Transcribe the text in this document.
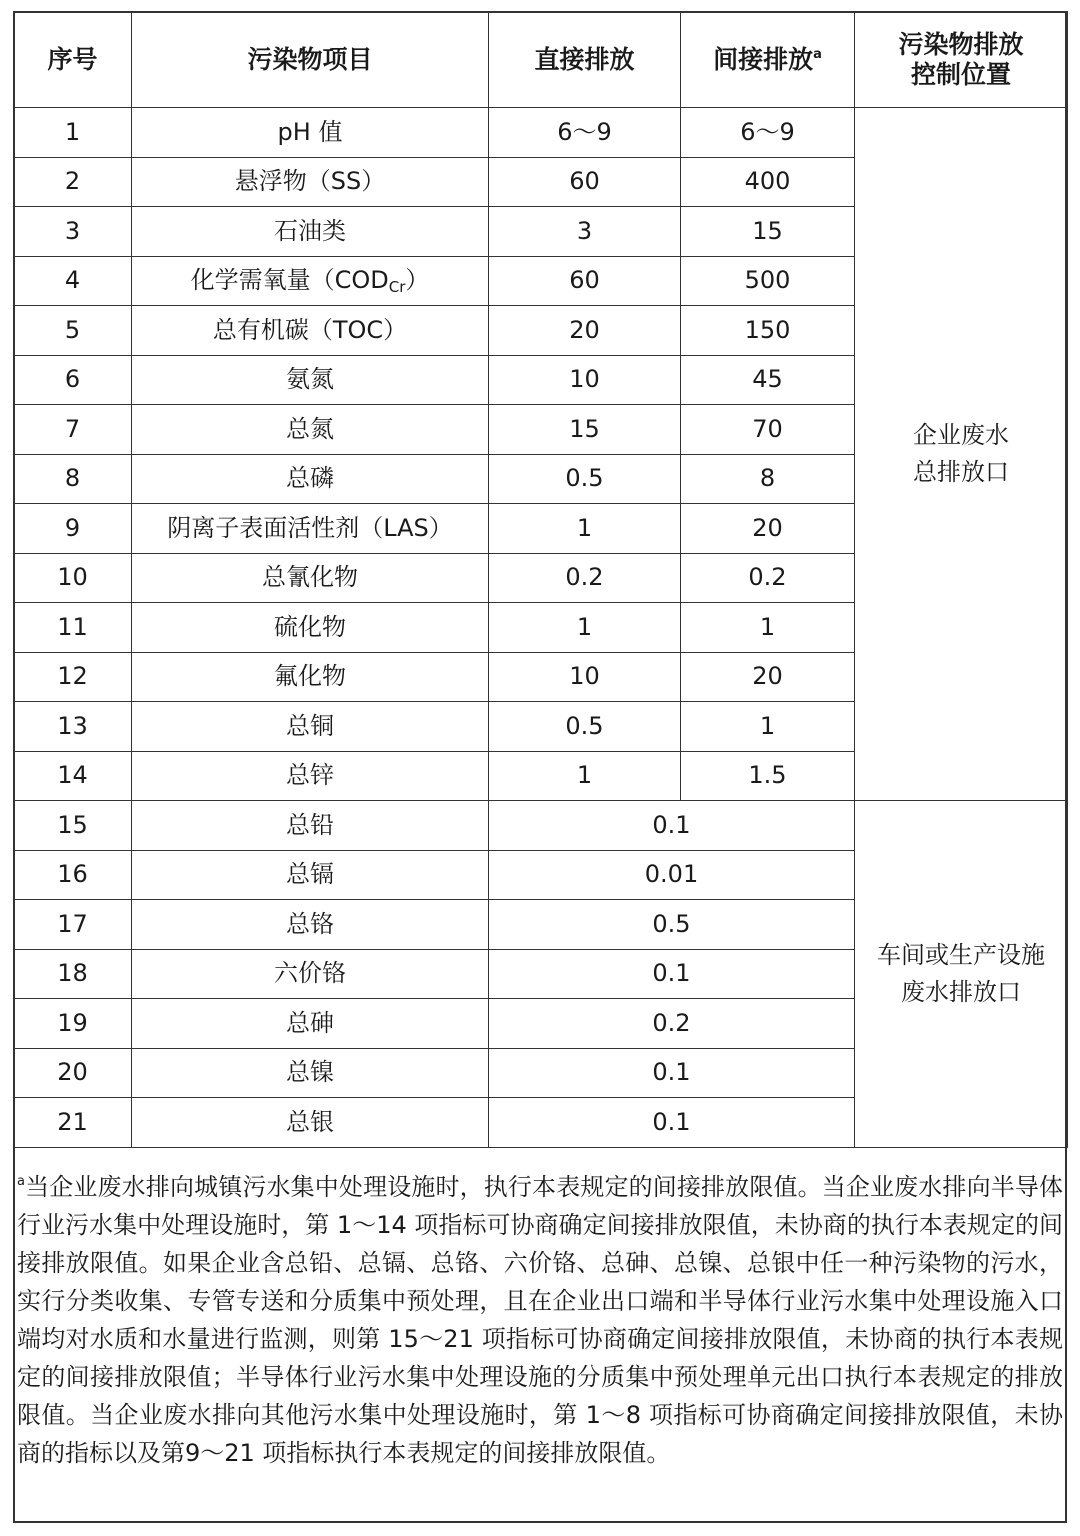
序号	污染物项目	直接排放	间接排放$^a$	污染物排放
控制位置
1	pH 值	6～9	6～9	企业废水
总排放口
2	悬浮物（SS）	60	400	
3	石油类	3	15	
4	化学需氧量$(COD_{Cr})$	60	500	
5	总有机碳（TOC）	20	150	
6	氨氮	10	45	
7	总氮	15	70	
8	总磷	0.5	8	
9	阴离子表面活性剂（LAS）	1	20	
10	总氰化物	0.2	0.2	
11	硫化物	1	1	
12	氟化物	10	20	
13	总铜	0.5	1	
14	总锌	1	1.5	
15	总铅	0.1		车间或生产设施
废水排放口
16	总镉	0.01		
17	总铬	0.5		
18	六价铬	0.1		
19	总砷	0.2		
20	总镍	0.1		
21	总银	0.1		

$^a$当企业废水排向城镇污水集中处理设施时，执行本表规定的间接排放限值。当企业废水排向半导体行业污水集中处理设施时，第 1～14 项指标可协商确定间接排放限值，未协商的执行本表规定的间接排放限值。如果企业含总铅、总镉、总铬、六价铬、总砷、总镍、总银中任一种污染物的污水，实行分类收集、专管专送和分质集中预处理，且在企业出口端和半导体行业污水集中处理设施入口端均对水质和水量进行监测，则第 15～21 项指标可协商确定间接排放限值，未协商的执行本表规定的间接排放限值；半导体行业污水集中处理设施的分质集中预处理单元出口执行本表规定的排放限值。当企业废水排向其他污水集中处理设施时，第 1～8 项指标可协商确定间接排放限值，未协商的指标以及第9～21 项指标执行本表规定的间接排放限值。
